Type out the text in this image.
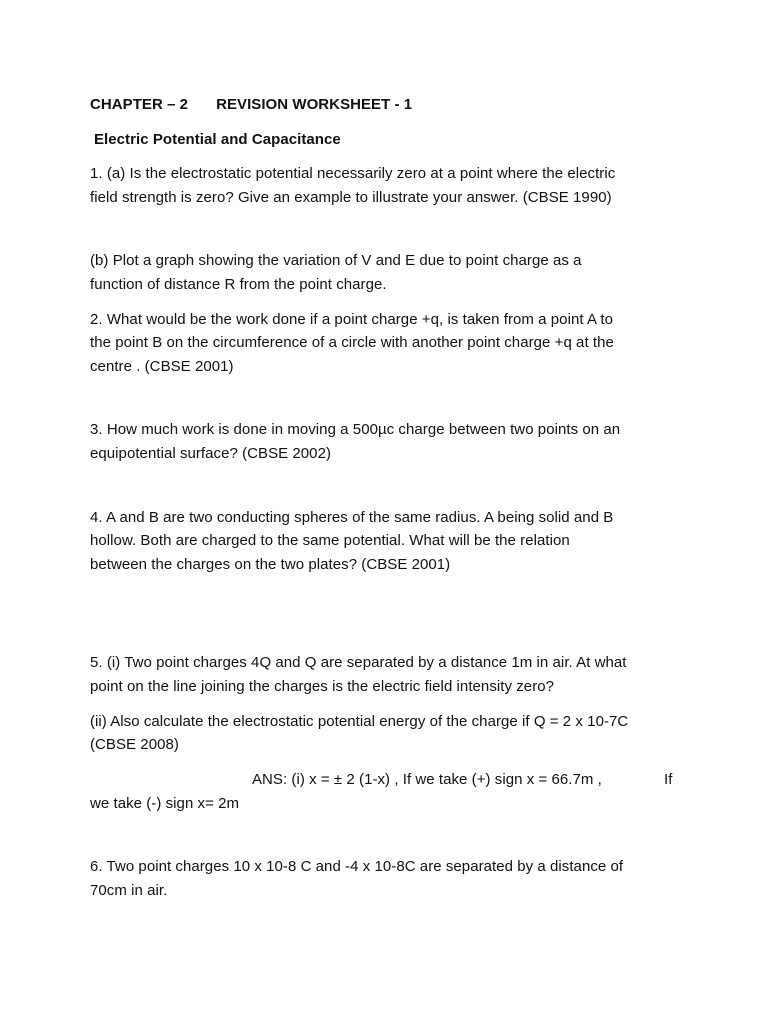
CHAPTER – 2 REVISION WORKSHEET - 1
Electric Potential and Capacitance
1. (a) Is the electrostatic potential necessarily zero at a point where the electric
field strength is zero? Give an example to illustrate your answer. (CBSE 1990)
(b) Plot a graph showing the variation of V and E due to point charge as a
function of distance R from the point charge.
2. What would be the work done if a point charge +q, is taken from a point A to
the point B on the circumference of a circle with another point charge +q at the
centre . (CBSE 2001)
3. How much work is done in moving a 500µc charge between two points on an
equipotential surface? (CBSE 2002)
4. A and B are two conducting spheres of the same radius. A being solid and B
hollow. Both are charged to the same potential. What will be the relation
between the charges on the two plates? (CBSE 2001)
5. (i) Two point charges 4Q and Q are separated by a distance 1m in air. At what
point on the line joining the charges is the electric field intensity zero?
(ii) Also calculate the electrostatic potential energy of the charge if Q = 2 x 10-7C
(CBSE 2008)
ANS: (i) x = ± 2 (1-x) , If we take (+) sign x = 66.7m ,	If
we take (-) sign x= 2m
6. Two point charges 10 x 10-8 C and -4 x 10-8C are separated by a distance of
70cm in air.
